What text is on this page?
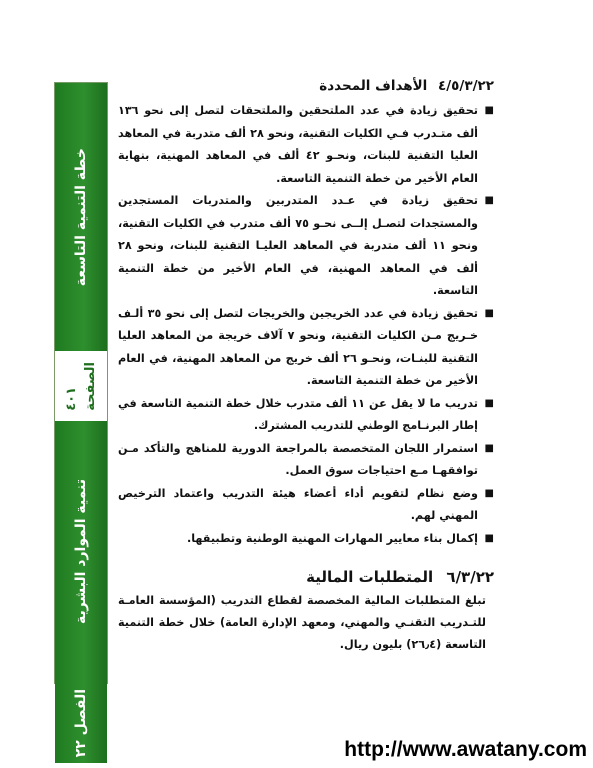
خطة التنمية التاسعة
٤٠١ الصفحة
تنمية الموارد البشرية
الفصل ٢٢
٤/٥/٣/٢٢ الأهداف المحددة
■
تحقيق زيادة في عدد الملتحقين والملتحقات لتصل إلى نحو ١٣٦ ألف متـدرب فـي الكليات التقنية، ونحو ٢٨ ألف متدربة في المعاهد العليا التقنية للبنات، ونحـو ٤٢ ألف في المعاهد المهنية، بنهاية العام الأخير من خطة التنمية التاسعة.
■
تحقيق زيادة في عـدد المتدربين والمتدربات المستجدين والمستجدات لتصـل إلــى نحـو ٧٥ ألف متدرب في الكليات التقنية، ونحو ١١ ألف متدربة في المعاهد العليـا التقنية للبنات، ونحو ٢٨ ألف في المعاهد المهنية، في العام الأخير من خطة التنمية التاسعة.
■
تحقيق زيادة في عدد الخريجين والخريجات لتصل إلى نحو ٣٥ ألـف خـريج مـن الكليات التقنية، ونحو ٧ آلاف خريجة من المعاهد العليا التقنية للبنـات، ونحـو ٢٦ ألف خريج من المعاهد المهنية، في العام الأخير من خطة التنمية التاسعة.
■
تدريب ما لا يقل عن ١١ ألف متدرب خلال خطة التنمية التاسعة في إطار البرنـامج الوطني للتدريب المشترك.
■
استمرار اللجان المتخصصة بالمراجعة الدورية للمناهج والتأكد مـن توافقهـا مـع احتياجات سوق العمل.
■
وضع نظام لتقويم أداء أعضاء هيئة التدريب واعتماد الترخيص المهني لهم.
■
إكمال بناء معايير المهارات المهنية الوطنية وتطبيقها.
٦/٣/٢٢ المتطلبات المالية
تبلغ المتطلبات المالية المخصصة لقطاع التدريب (المؤسسة العامـة للتـدريب التقنـي والمهني، ومعهد الإدارة العامة) خلال خطة التنمية التاسعة (٢٦٫٤) بليون ريال.
http://www.awatany.com
